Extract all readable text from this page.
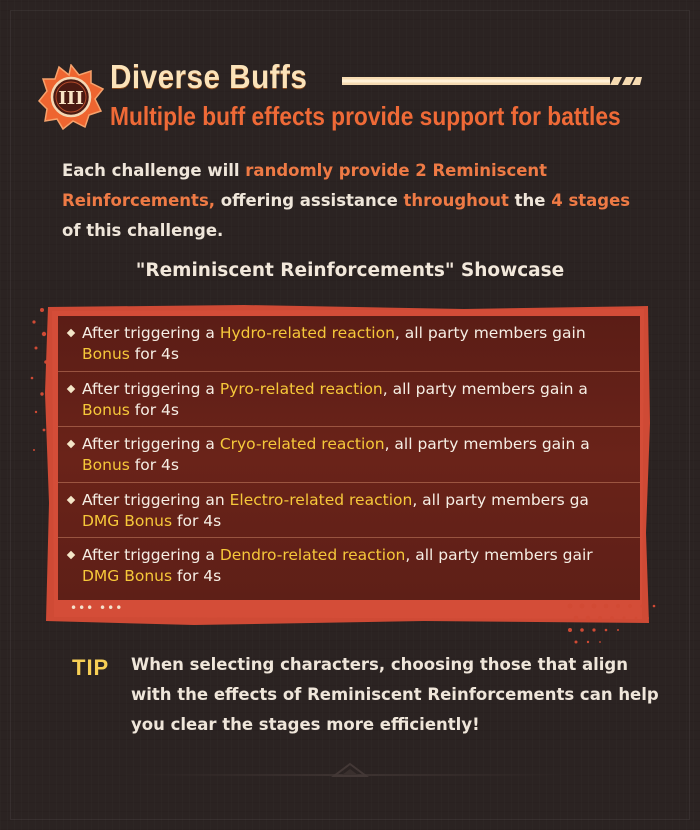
III
Diverse Buffs
Multiple buff effects provide support for battles
Each challenge will randomly provide 2 Reminiscent Reinforcements, offering assistance throughout the 4 stages of this challenge.
"Reminiscent Reinforcements" Showcase
After triggering a Hydro-related reaction, all party members gain
Bonus for 4s
After triggering a Pyro-related reaction, all party members gain a
Bonus for 4s
After triggering a Cryo-related reaction, all party members gain a
Bonus for 4s
After triggering an Electro-related reaction, all party members ga
DMG Bonus for 4s
After triggering a Dendro-related reaction, all party members gair
DMG Bonus for 4s
••• •••
TIP When selecting characters, choosing those that align with the effects of Reminiscent Reinforcements can help you clear the stages more efficiently!
